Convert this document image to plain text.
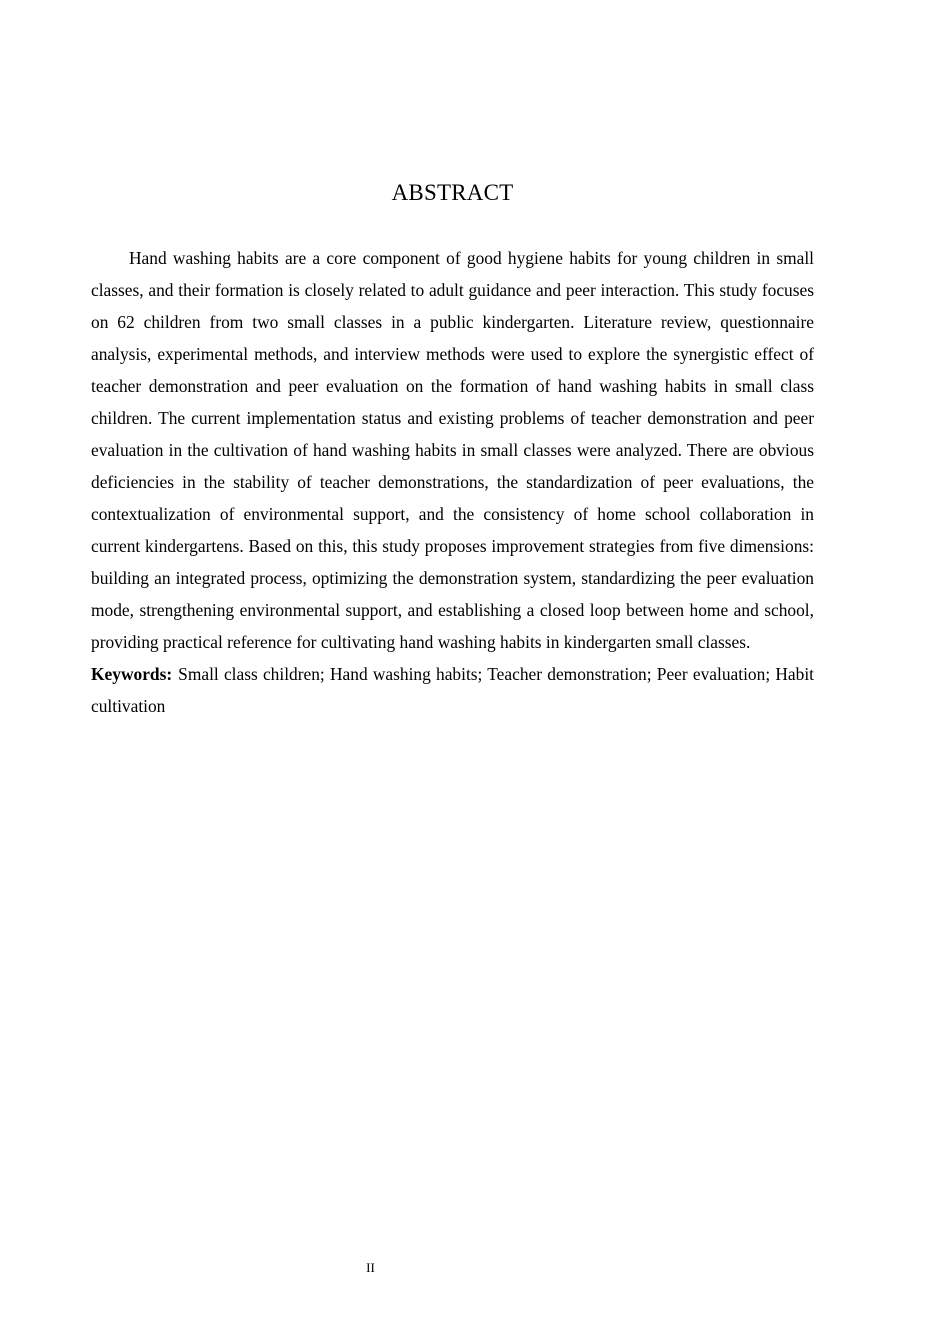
ABSTRACT

Hand washing habits are a core component of good hygiene habits for young children in small classes, and their formation is closely related to adult guidance and peer interaction. This study focuses on 62 children from two small classes in a public kindergarten. Literature review, questionnaire analysis, experimental methods, and interview methods were used to explore the synergistic effect of teacher demonstration and peer evaluation on the formation of hand washing habits in small class children. The current implementation status and existing problems of teacher demonstration and peer evaluation in the cultivation of hand washing habits in small classes were analyzed. There are obvious deficiencies in the stability of teacher demonstrations, the standardization of peer evaluations, the contextualization of environmental support, and the consistency of home school collaboration in current kindergartens. Based on this, this study proposes improvement strategies from five dimensions: building an integrated process, optimizing the demonstration system, standardizing the peer evaluation mode, strengthening environmental support, and establishing a closed loop between home and school, providing practical reference for cultivating hand washing habits in kindergarten small classes.

Keywords: Small class children; Hand washing habits; Teacher demonstration; Peer evaluation; Habit cultivation

II
